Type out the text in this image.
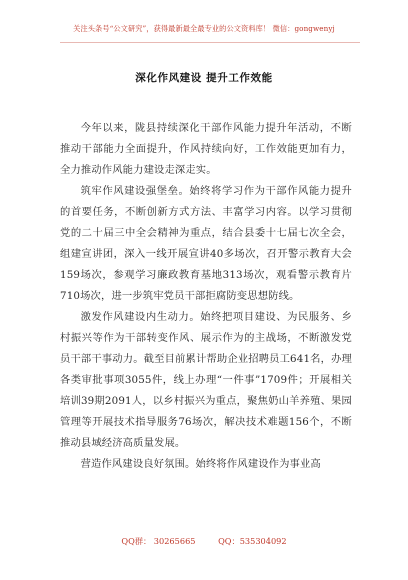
关注头条号“公文研究”，获得最新最全最专业的公文资料库！ 微信：gongwenyj
深化作风建设 提升工作效能

今年以来，陇县持续深化干部作风能力提升年活动，不断推动干部能力全面提升，作风持续向好，工作效能更加有力，全力推动作风能力建设走深走实。

筑牢作风建设强堡垒。始终将学习作为干部作风能力提升的首要任务，不断创新方式方法、丰富学习内容。以学习贯彻党的二十届三中全会精神为重点，结合县委十七届七次全会，组建宣讲团，深入一线开展宣讲40多场次，召开警示教育大会159场次，参观学习廉政教育基地313场次，观看警示教育片710场次，进一步筑牢党员干部拒腐防变思想防线。

激发作风建设内生动力。始终把项目建设、为民服务、乡村振兴等作为干部转变作风、展示作为的主战场，不断激发党员干部干事动力。截至目前累计帮助企业招聘员工641名，办理各类审批事项3055件，线上办理“一件事”1709件；开展相关培训39期2091人，以乡村振兴为重点，聚焦奶山羊养殖、果园管理等开展技术指导服务76场次，解决技术难题156个，不断推动县域经济高质量发展。

营造作风建设良好氛围。始终将作风建设作为事业高

QQ群： 30265665	QQ：535304092
